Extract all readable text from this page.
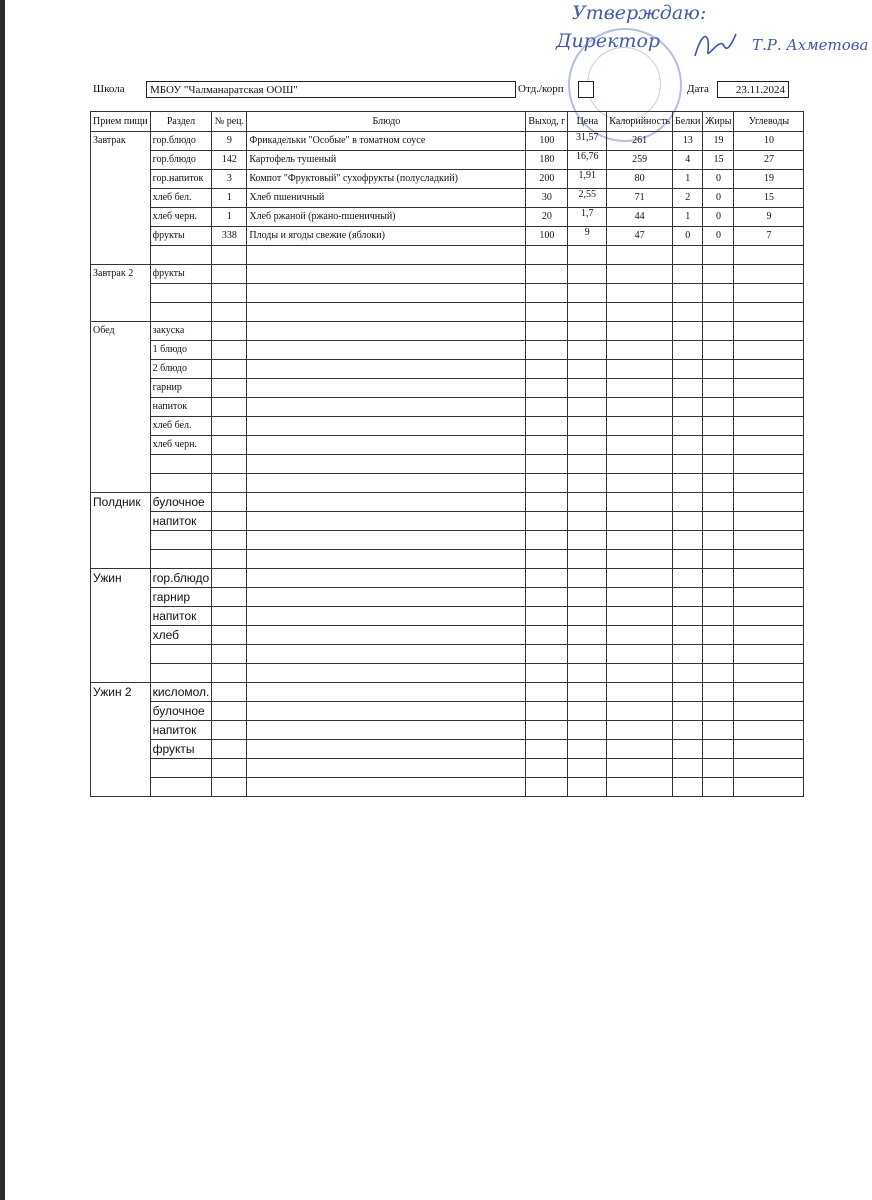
Утверждаю:
Директор	Т.Р. Ахметова
Школа	МБОУ "Чалманаратская ООШ"	Отд./корп	Дата	23.11.2024
Прием пищи	Раздел	№ рец.	Блюдо	Выход, г	Цена	Калорийность	Белки	Жиры	Углеводы
Завтрак	гор.блюдо	9	Фрикадельки "Особые" в томатном соусе	100	31,57	261	13	19	10
	гор.блюдо	142	Картофель тушеный	180	16,76	259	4	15	27
	гор.напиток	3	Компот "Фруктовый" сухофрукты (полусладкий)	200	1,91	80	1	0	19
	хлеб бел.	1	Хлеб пшеничный	30	2,55	71	2	0	15
	хлеб черн.	1	Хлеб ржаной (ржано-пшеничный)	20	1,7	44	1	0	9
	фрукты	338	Плоды и ягоды свежие (яблоки)	100	9	47	0	0	7

Завтрак 2	фрукты								

Обед	закуска								
	1 блюдо								
	2 блюдо								
	гарнир								
	напиток								
	хлеб бел.								
	хлеб черн.								

Полдник	булочное								
	напиток								

Ужин	гор.блюдо								
	гарнир								
	напиток								
	хлеб								

Ужин 2	кисломол.								
	булочное								
	напиток								
	фрукты								
